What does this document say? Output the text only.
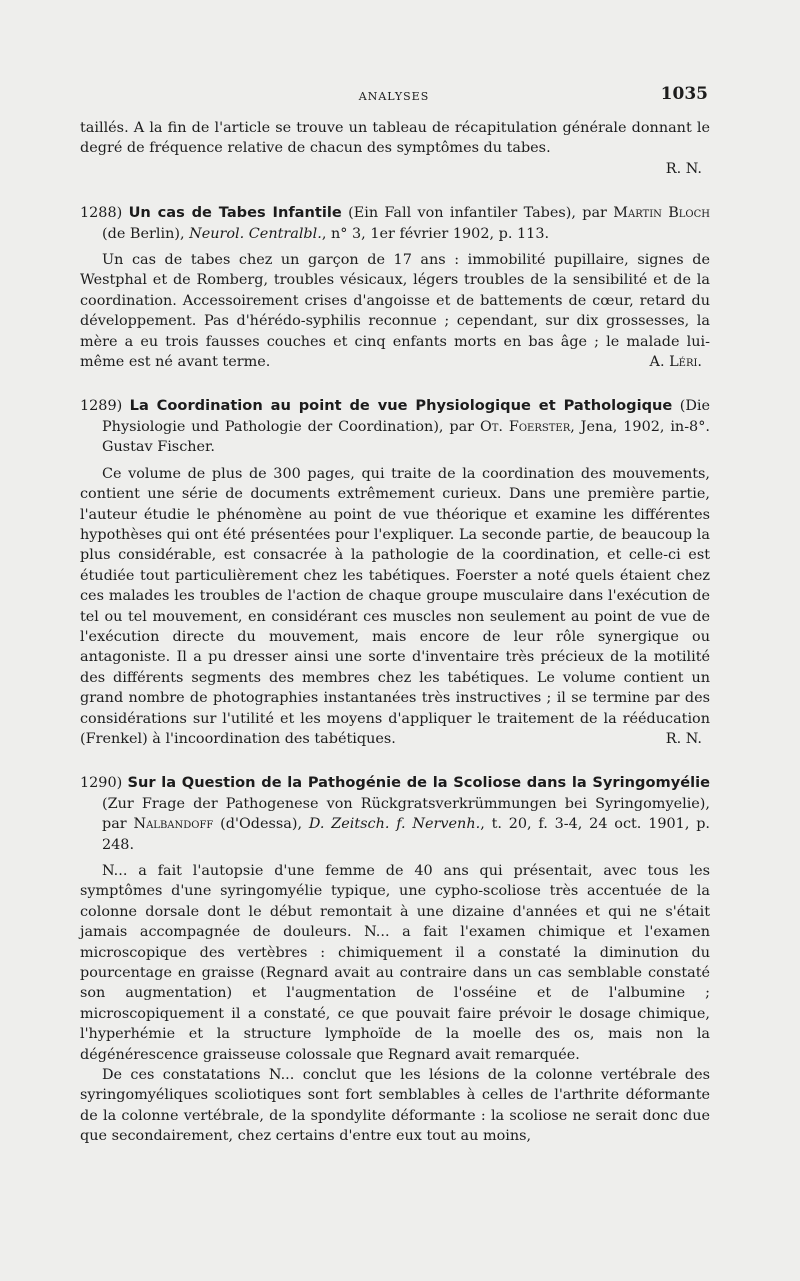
ANALYSES	1035

taillés. A la fin de l'article se trouve un tableau de récapitulation générale donnant le degré de fréquence relative de chacun des symptômes du tabes.

R. N.

1288) Un cas de Tabes Infantile (Ein Fall von infantiler Tabes), par Martin Bloch (de Berlin), Neurol. Centralbl., n° 3, 1er février 1902, p. 113.

Un cas de tabes chez un garçon de 17 ans : immobilité pupillaire, signes de Westphal et de Romberg, troubles vésicaux, légers troubles de la sensibilité et de la coordination. Accessoirement crises d'angoisse et de battements de cœur, retard du développement. Pas d'hérédo-syphilis reconnue ; cependant, sur dix grossesses, la mère a eu trois fausses couches et cinq enfants morts en bas âge ; le malade lui-même est né avant terme.	A. Léri.

1289) La Coordination au point de vue Physiologique et Pathologique (Die Physiologie und Pathologie der Coordination), par Ot. Foerster, Jena, 1902, in-8°. Gustav Fischer.

Ce volume de plus de 300 pages, qui traite de la coordination des mouvements, contient une série de documents extrêmement curieux. Dans une première partie, l'auteur étudie le phénomène au point de vue théorique et examine les différentes hypothèses qui ont été présentées pour l'expliquer. La seconde partie, de beaucoup la plus considérable, est consacrée à la pathologie de la coordination, et celle-ci est étudiée tout particulièrement chez les tabétiques. Foerster a noté quels étaient chez ces malades les troubles de l'action de chaque groupe musculaire dans l'exécution de tel ou tel mouvement, en considérant ces muscles non seulement au point de vue de l'exécution directe du mouvement, mais encore de leur rôle synergique ou antagoniste. Il a pu dresser ainsi une sorte d'inventaire très précieux de la motilité des différents segments des membres chez les tabétiques. Le volume contient un grand nombre de photographies instantanées très instructives ; il se termine par des considérations sur l'utilité et les moyens d'appliquer le traitement de la rééducation (Frenkel) à l'incoordination des tabétiques.	R. N.

1290) Sur la Question de la Pathogénie de la Scoliose dans la Syringomyélie (Zur Frage der Pathogenese von Rückgratsverkrümmungen bei Syringomyelie), par Nalbandoff (d'Odessa), D. Zeitsch. f. Nervenh., t. 20, f. 3-4, 24 oct. 1901, p. 248.

N... a fait l'autopsie d'une femme de 40 ans qui présentait, avec tous les symptômes d'une syringomyélie typique, une cypho-scoliose très accentuée de la colonne dorsale dont le début remontait à une dizaine d'années et qui ne s'était jamais accompagnée de douleurs. N... a fait l'examen chimique et l'examen microscopique des vertèbres : chimiquement il a constaté la diminution du pourcentage en graisse (Regnard avait au contraire dans un cas semblable constaté son augmentation) et l'augmentation de l'osséine et de l'albumine ; microscopiquement il a constaté, ce que pouvait faire prévoir le dosage chimique, l'hyperhémie et la structure lymphoïde de la moelle des os, mais non la dégénérescence graisseuse colossale que Regnard avait remarquée.

De ces constatations N... conclut que les lésions de la colonne vertébrale des syringomyéliques scoliotiques sont fort semblables à celles de l'arthrite déformante de la colonne vertébrale, de la spondylite déformante : la scoliose ne serait donc due que secondairement, chez certains d'entre eux tout au moins,
